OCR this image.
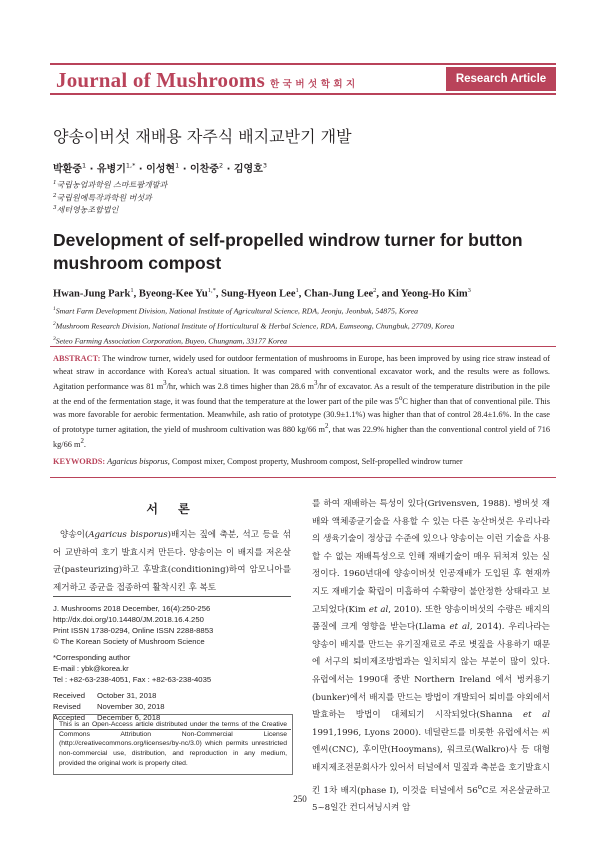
Journal of Mushrooms 한국버섯학회지	Research Article
양송이버섯 재배용 자주식 배지교반기 개발
박환중$^1$ · 유병기$^{1,*}$ · 이성현$^1$ · 이찬중$^2$ · 김영호$^3$
$^1$국립농업과학원 스마트팜개발과
$^2$국립원예특작과학원 버섯과
$^3$세터영농조합법인
Development of self-propelled windrow turner for button mushroom compost
Hwan-Jung Park$^1$, Byeong-Kee $Yu^{1,*}$, Sung-Hyeon Lee$^1$, Chan-Jung Lee$^2$, and Yeong-Ho Kim$^3$
$^1$Smart Farm Development Division, National Institute of Agricultural Science, RDA, Jeonju, Jeonbuk, 54875, Korea
$^2$Mushroom Research Division, National Institute of Horticultural & Herbal Science, RDA, Eumseong, Chungbuk, 27709, Korea
$^3$Seteo Farming Association Corporation, Buyeo, Chungnam, 33177 Korea
ABSTRACT: The windrow turner, widely used for outdoor fermentation of mushrooms in Europe, has been improved by using rice straw instead of wheat straw in accordance with Korea's actual situation. It was compared with conventional excavator work, and the results were as follows. Agitation performance was 81 $m^3/hr$, which was 2.8 times higher than 28.6 $m^3/hr$ of excavator. As a result of the temperature distribution in the pile at the end of the fermentation stage, it was found that the temperature at the lower part of the pile was 5$^o$C higher than that of conventional pile. This was more favorable for aerobic fermentation. Meanwhile, ash ratio of prototype (30.9±1.1%) was higher than that of control 28.4±1.6%. In the case of prototype turner agitation, the yield of mushroom cultivation was 880 kg/66 $m^2$, that was 22.9% higher than the conventional control yield of 716 kg/66 $m^2$.
KEYWORDS: Agaricus bisporus, Compost mixer, Compost property, Mushroom compost, Self-propelled windrow turner
서 론
양송이(Agaricus bisporus)배지는 짚에 축분, 석고 등을 섞어 교반하여 호기 발효시켜 만든다. 양송이는 이 배지를 저온살균(pasteurizing)하고 후발효(conditioning)하여 암모니아를 제거하고 종균을 접종하여 활착시킨 후 복토
J. Mushrooms 2018 December, 16(4):250-256
http://dx.doi.org/10.14480/JM.2018.16.4.250
Print ISSN 1738-0294, Online ISSN 2288-8853
© The Korean Society of Mushroom Science
*Corresponding author
E-mail : ybk@korea.kr
Tel : +82-63-238-4051, Fax : +82-63-238-4035
Received	October 31, 2018
Revised	November 30, 2018
Accepted	December 6, 2018
This is an Open-Access article distributed under the terms of the Creative Commons Attribution Non-Commercial License (http://creativecommons.org/licenses/by-nc/3.0) which permits unrestricted non-commercial use, distribution, and reproduction in any medium, provided the original work is properly cited.
를 하여 재배하는 특성이 있다(Grivensven, 1988). 병버섯 재배와 액체종균기술을 사용할 수 있는 다른 농산버섯은 우리나라의 생육기술이 정상급 수준에 있으나 양송이는 이런 기술을 사용할 수 없는 재배특성으로 인해 재배기술이 매우 뒤쳐져 있는 실정이다. 1960년대에 양송이버섯 인공재배가 도입된 후 현재까지도 재배기술 확립이 미흡하여 수확량이 불안정한 상태라고 보고되었다(Kim et al, 2010). 또한 양송이버섯의 수량은 배지의 품질에 크게 영향을 받는다(Llama et al, 2014). 우리나라는 양송이 배지를 만드는 유기질재료로 주로 볏짚을 사용하기 때문에 서구의 퇴비제조방법과는 일치되지 않는 부분이 많이 있다. 유럽에서는 1990대 중반 Northern Ireland 에서 벙커용기(bunker)에서 배지를 만드는 방법이 개발되어 퇴비를 야외에서 발효하는 방법이 대체되기 시작되었다(Shanna et al 1991,1996, Lyons 2000). 네덜란드를 비롯한 유럽에서는 씨엔씨(CNC), 후이만(Hooymans), 워크로(Walkro)사 등 대형 배지제조전문회사가 있어서 터널에서 밀짚과 축분을 호기발효시킨 1차 배지(phase I), 이것을 터널에서 56$^o$C로 저온살균하고 5~8일간 컨디셔닝시켜 암
250
